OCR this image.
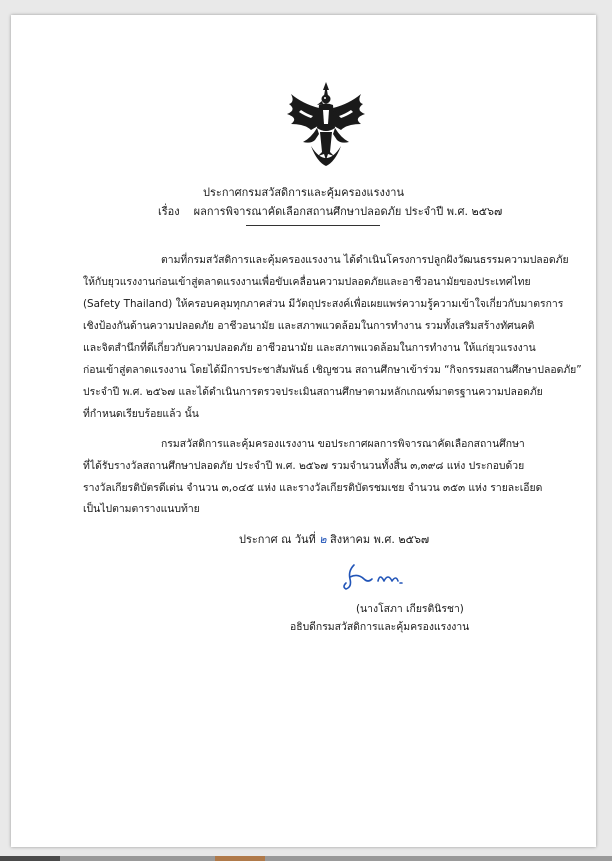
ประกาศกรมสวัสดิการและคุ้มครองแรงงาน
เรื่อง ผลการพิจารณาคัดเลือกสถานศึกษาปลอดภัย ประจำปี พ.ศ. ๒๕๖๗
ตามที่กรมสวัสดิการและคุ้มครองแรงงาน ได้ดำเนินโครงการปลูกฝังวัฒนธรรมความปลอดภัย
ให้กับยุวแรงงานก่อนเข้าสู่ตลาดแรงงานเพื่อขับเคลื่อนความปลอดภัยและอาชีวอนามัยของประเทศไทย
(Safety Thailand) ให้ครอบคลุมทุกภาคส่วน มีวัตถุประสงค์เพื่อเผยแพร่ความรู้ความเข้าใจเกี่ยวกับมาตรการ
เชิงป้องกันด้านความปลอดภัย อาชีวอนามัย และสภาพแวดล้อมในการทำงาน รวมทั้งเสริมสร้างทัศนคติ
และจิตสำนึกที่ดีเกี่ยวกับความปลอดภัย อาชีวอนามัย และสภาพแวดล้อมในการทำงาน ให้แก่ยุวแรงงาน
ก่อนเข้าสู่ตลาดแรงงาน โดยได้มีการประชาสัมพันธ์ เชิญชวน สถานศึกษาเข้าร่วม “กิจกรรมสถานศึกษาปลอดภัย”
ประจำปี พ.ศ. ๒๕๖๗ และได้ดำเนินการตรวจประเมินสถานศึกษาตามหลักเกณฑ์มาตรฐานความปลอดภัย
ที่กำหนดเรียบร้อยแล้ว นั้น
กรมสวัสดิการและคุ้มครองแรงงาน ขอประกาศผลการพิจารณาคัดเลือกสถานศึกษา
ที่ได้รับรางวัลสถานศึกษาปลอดภัย ประจำปี พ.ศ. ๒๕๖๗ รวมจำนวนทั้งสิ้น ๓,๓๙๘ แห่ง ประกอบด้วย
รางวัลเกียรติบัตรดีเด่น จำนวน ๓,๐๔๕ แห่ง และรางวัลเกียรติบัตรชมเชย จำนวน ๓๕๓ แห่ง รายละเอียด
เป็นไปตามตารางแนบท้าย
ประกาศ ณ วันที่ ๒ สิงหาคม พ.ศ. ๒๕๖๗
(นางโสภา เกียรตินิรชา)
อธิบดีกรมสวัสดิการและคุ้มครองแรงงาน
